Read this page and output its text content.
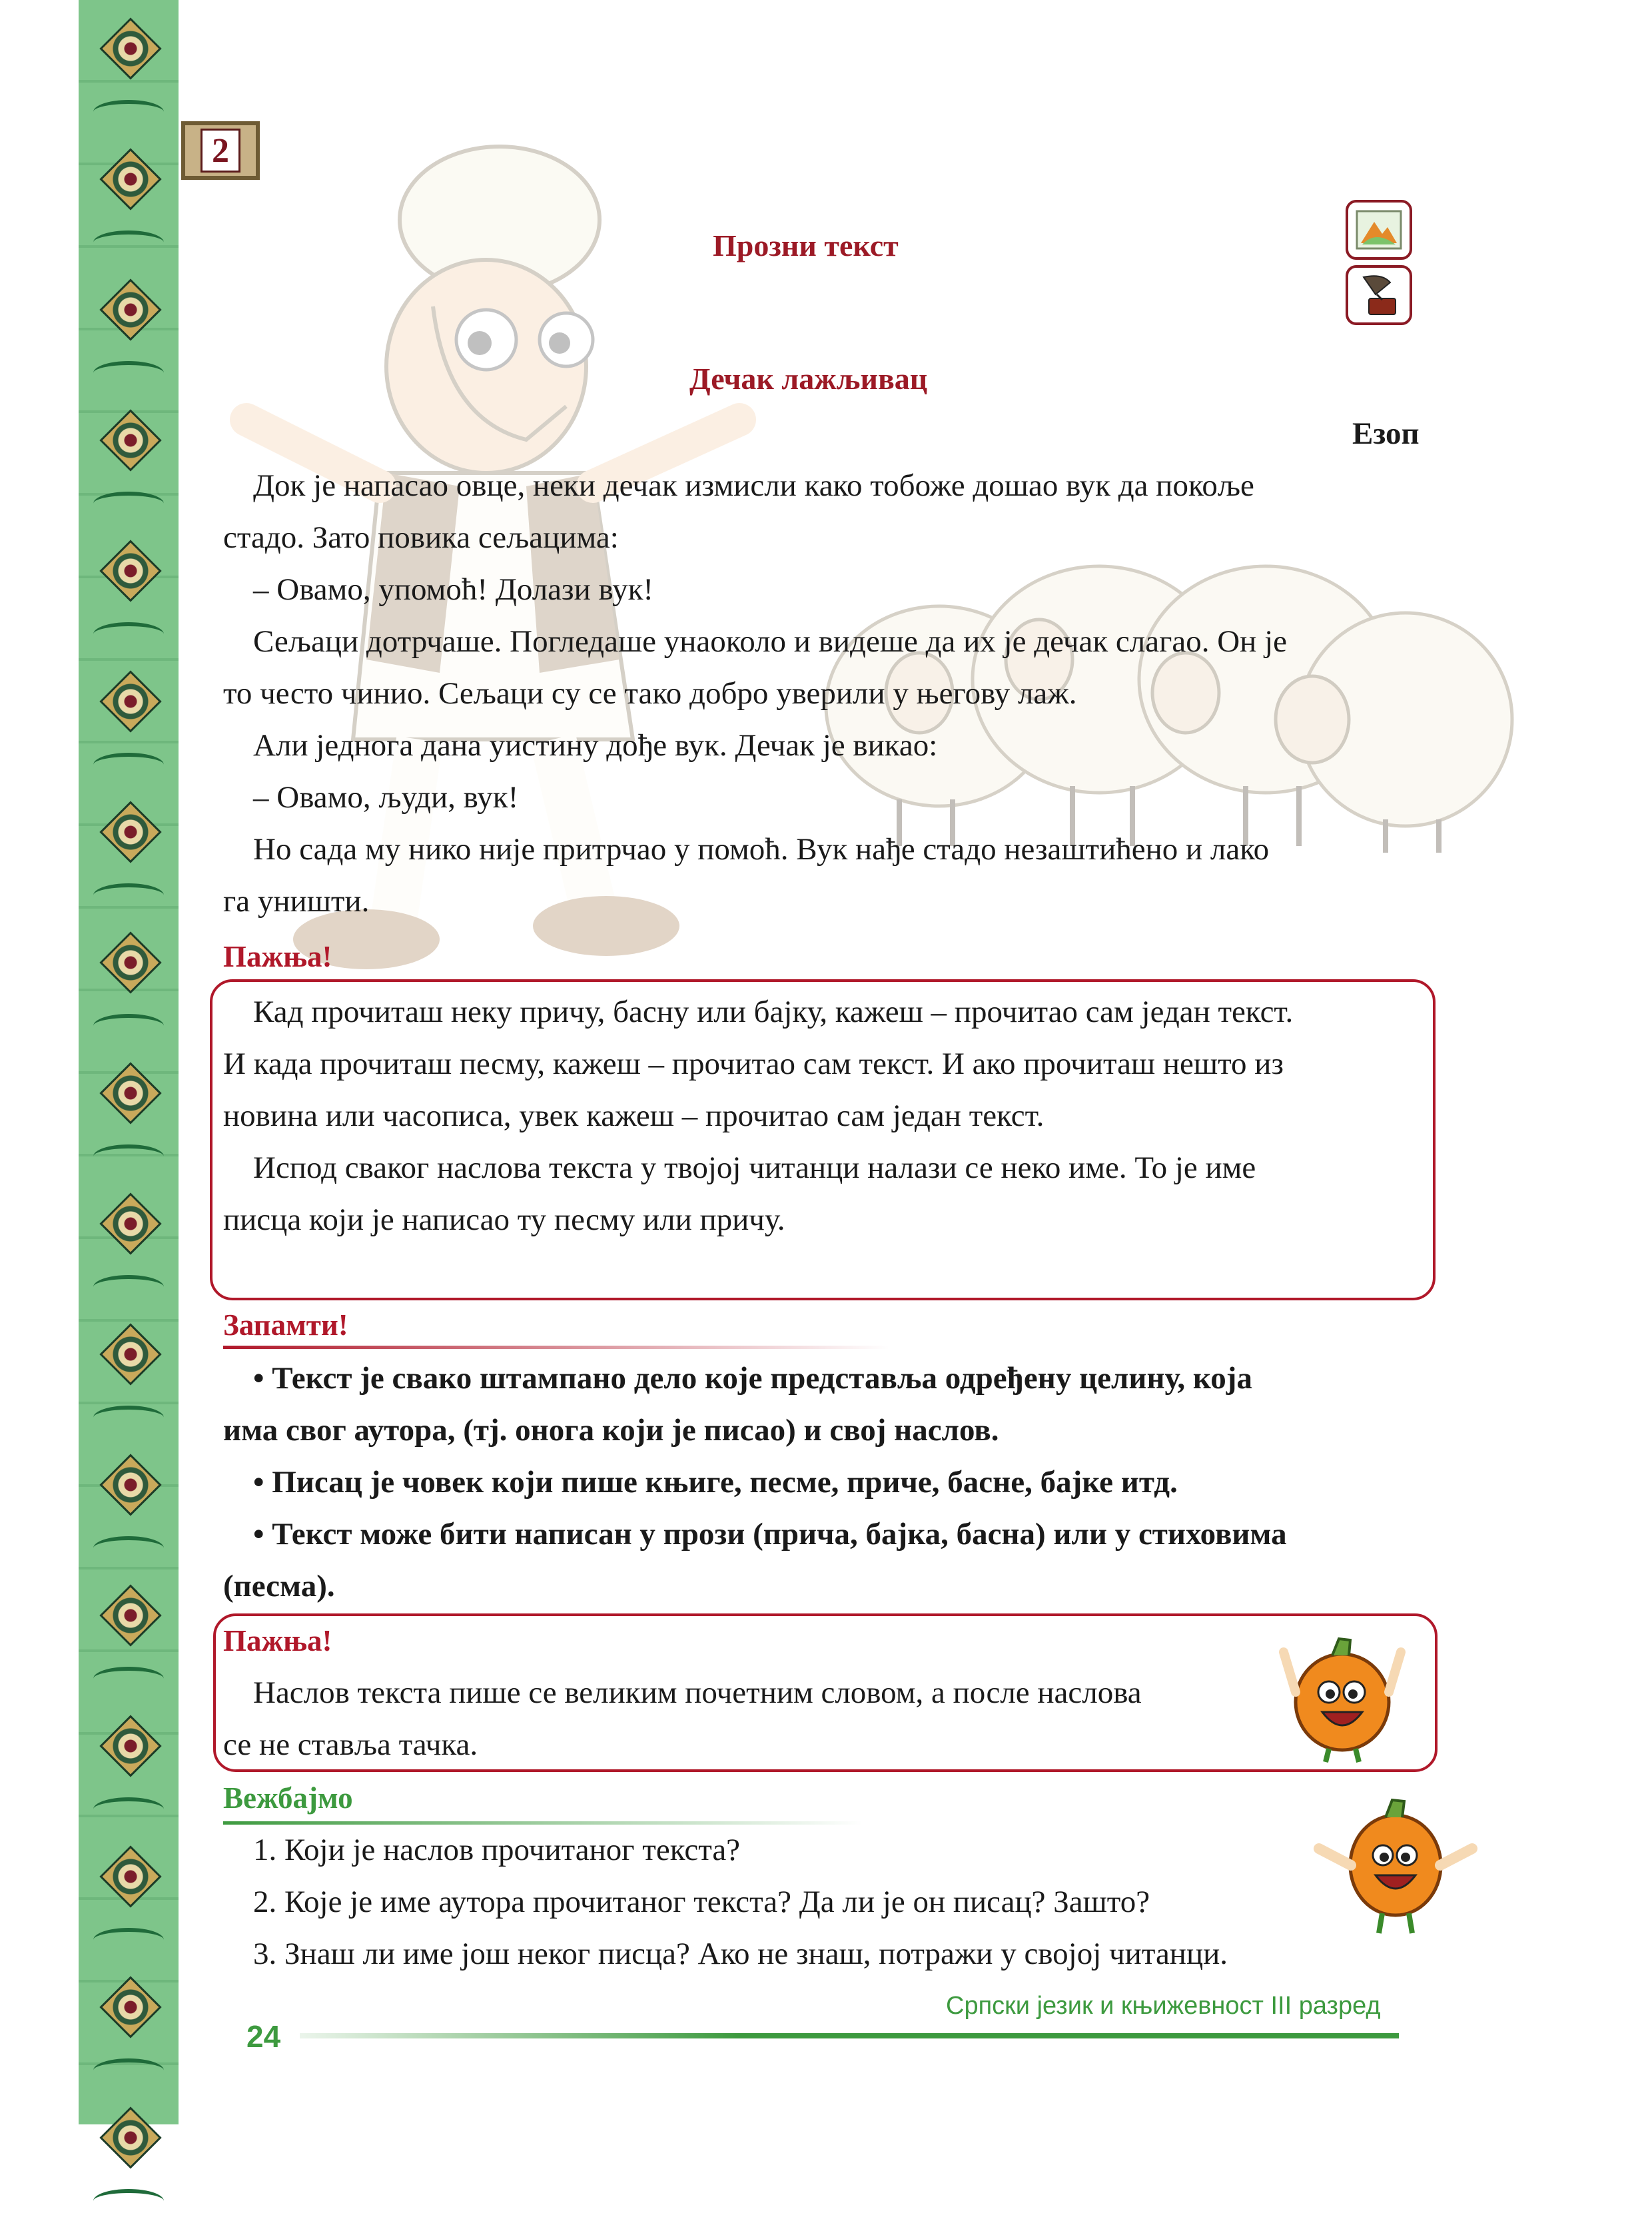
2
Прозни текст
Дечак лажљивац
Езоп
Док је напасао овце, неки дечак измисли како тобоже дошао вук да покоље
стадо. Зато повика сељацима:
– Овамо, упомоћ! Долази вук!
Сељаци дотрчаше. Погледаше унаоколо и видеше да их је дечак слагао. Он је
то често чинио. Сељаци су се тако добро уверили у његову лаж.
Али једнога дана уистину дође вук. Дечак је викао:
– Овамо, људи, вук!
Но сада му нико није притрчао у помоћ. Вук нађе стадо незаштићено и лако
га уништи.
Пажња!
Кад прочиташ неку причу, басну или бајку, кажеш – прочитао сам један текст.
И када прочиташ песму, кажеш – прочитао сам текст. И ако прочиташ нешто из
новина или часописа, увек кажеш – прочитао сам један текст.
Испод сваког наслова текста у твојој читанци налази се неко име. То је име
писца који је написао ту песму или причу.
Запамти!
• Текст је свако штампано дело које представља одређену целину, која
има свог аутора, (тј. онога који је писао) и свој наслов.
• Писац је човек који пише књиге, песме, приче, басне, бајке итд.
• Текст може бити написан у прози (прича, бајка, басна) или у стиховима
(песма).
Пажња!
Наслов текста пише се великим почетним словом, а после наслова
се не ставља тачка.
Вежбајмо
1. Који је наслов прочитаног текста?
2. Које је име аутора прочитаног текста? Да ли је он писац? Зашто?
3. Знаш ли име још неког писца? Ако не знаш, потражи у својој читанци.
Српски језик и књижевност III разред
24
